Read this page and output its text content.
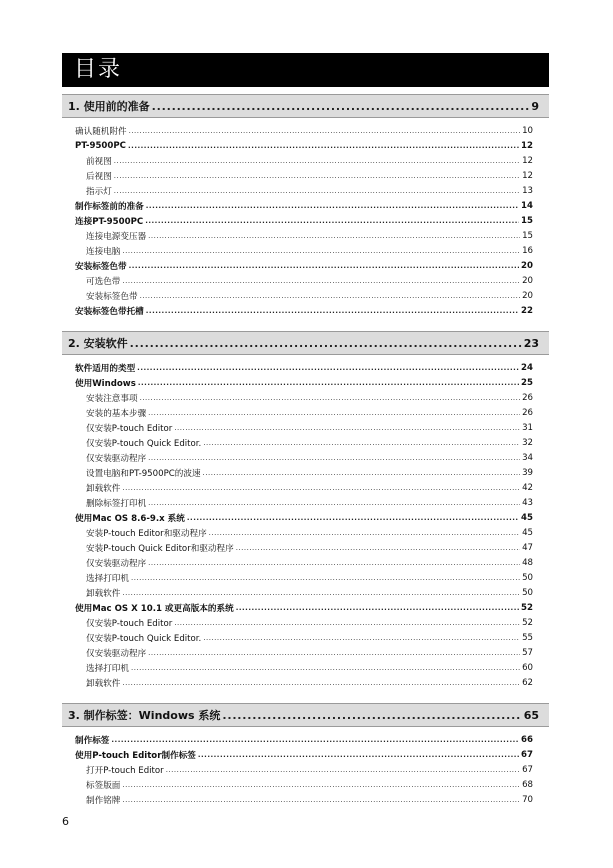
目录
1. 使用前的准备 .....	9
确认随机附件 .....	10
PT-9500PC .....	12
前视图 .....	12
后视图 .....	12
指示灯 .....	13
制作标签前的准备 .....	14
连接PT-9500PC .....	15
连接电源变压器 .....	15
连接电脑 .....	16
安装标签色带 .....	20
可选色带 .....	20
安装标签色带 .....	20
安装标签色带托槽 .....	22
2. 安装软件 .....	23
软件适用的类型 .....	24
使用Windows .....	25
安装注意事项 .....	26
安装的基本步骤 .....	26
仅安装P-touch Editor .....	31
仅安装P-touch Quick Editor. .....	32
仅安装驱动程序 .....	34
设置电脑和PT-9500PC的波速 .....	39
卸载软件 .....	42
删除标签打印机 .....	43
使用Mac OS 8.6-9.x 系统 .....	45
安装P-touch Editor和驱动程序 .....	45
安装P-touch Quick Editor和驱动程序 .....	47
仅安装驱动程序 .....	48
选择打印机 .....	50
卸载软件 .....	50
使用Mac OS X 10.1 或更高版本的系统 .....	52
仅安装P-touch Editor .....	52
仅安装P-touch Quick Editor. .....	55
仅安装驱动程序 .....	57
选择打印机 .....	60
卸载软件 .....	62
3. 制作标签：Windows 系统 .....	65
制作标签 .....	66
使用P-touch Editor制作标签 .....	67
打开P-touch Editor .....	67
标签版面 .....	68
制作铭牌 .....	70
6
